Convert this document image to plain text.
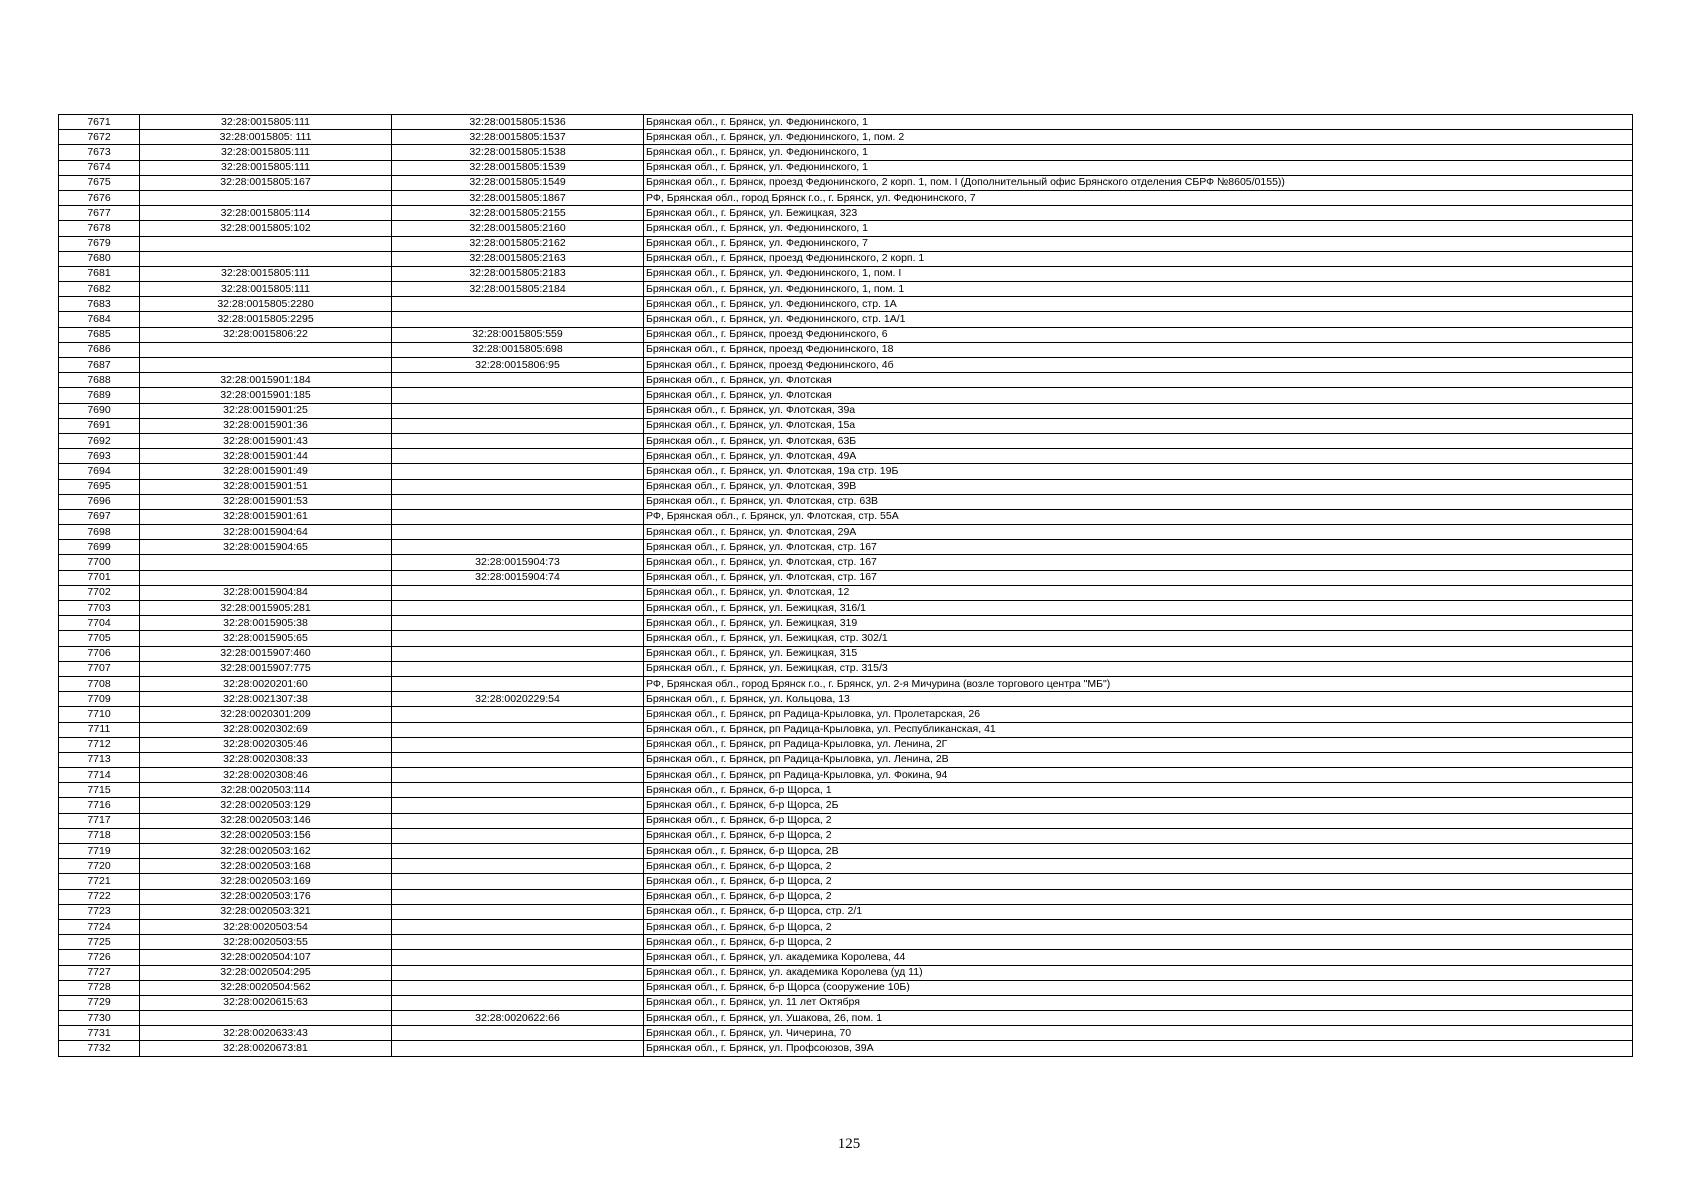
7671	32:28:0015805:111	32:28:0015805:1536	Брянская обл., г. Брянск, ул. Федюнинского, 1
7672	32:28:0015805: 111	32:28:0015805:1537	Брянская обл., г. Брянск, ул. Федюнинского, 1, пом. 2
7673	32:28:0015805:111	32:28:0015805:1538	Брянская обл., г. Брянск, ул. Федюнинского, 1
7674	32:28:0015805:111	32:28:0015805:1539	Брянская обл., г. Брянск, ул. Федюнинского, 1
7675	32:28:0015805:167	32:28:0015805:1549	Брянская обл., г. Брянск, проезд Федюнинского, 2 корп. 1, пом. I (Дополнительный офис Брянского отделения СБРФ №8605/0155))
7676		32:28:0015805:1867	РФ, Брянская обл., город Брянск г.о., г. Брянск, ул. Федюнинского, 7
7677	32:28:0015805:114	32:28:0015805:2155	Брянская обл., г. Брянск, ул. Бежицкая, 323
7678	32:28:0015805:102	32:28:0015805:2160	Брянская обл., г. Брянск, ул. Федюнинского, 1
7679		32:28:0015805:2162	Брянская обл., г. Брянск, ул. Федюнинского, 7
7680		32:28:0015805:2163	Брянская обл., г. Брянск, проезд Федюнинского, 2 корп. 1
7681	32:28:0015805:111	32:28:0015805:2183	Брянская обл., г. Брянск, ул. Федюнинского, 1, пом. I
7682	32:28:0015805:111	32:28:0015805:2184	Брянская обл., г. Брянск, ул. Федюнинского, 1, пом. 1
7683	32:28:0015805:2280		Брянская обл., г. Брянск, ул. Федюнинского, стр. 1А
7684	32:28:0015805:2295		Брянская обл., г. Брянск, ул. Федюнинского, стр. 1А/1
7685	32:28:0015806:22	32:28:0015805:559	Брянская обл., г. Брянск, проезд Федюнинского, 6
7686		32:28:0015805:698	Брянская обл., г. Брянск, проезд Федюнинского, 18
7687		32:28:0015806:95	Брянская обл., г. Брянск, проезд Федюнинского, 4б
7688	32:28:0015901:184		Брянская обл., г. Брянск, ул. Флотская
7689	32:28:0015901:185		Брянская обл., г. Брянск, ул. Флотская
7690	32:28:0015901:25		Брянская обл., г. Брянск, ул. Флотская, 39а
7691	32:28:0015901:36		Брянская обл., г. Брянск, ул. Флотская, 15а
7692	32:28:0015901:43		Брянская обл., г. Брянск, ул. Флотская, 63Б
7693	32:28:0015901:44		Брянская обл., г. Брянск, ул. Флотская, 49А
7694	32:28:0015901:49		Брянская обл., г. Брянск, ул. Флотская, 19а стр. 19Б
7695	32:28:0015901:51		Брянская обл., г. Брянск, ул. Флотская, 39В
7696	32:28:0015901:53		Брянская обл., г. Брянск, ул. Флотская, стр. 63В
7697	32:28:0015901:61		РФ, Брянская обл., г. Брянск, ул. Флотская, стр. 55А
7698	32:28:0015904:64		Брянская обл., г. Брянск, ул. Флотская, 29А
7699	32:28:0015904:65		Брянская обл., г. Брянск, ул. Флотская, стр. 167
7700		32:28:0015904:73	Брянская обл., г. Брянск, ул. Флотская, стр. 167
7701		32:28:0015904:74	Брянская обл., г. Брянск, ул. Флотская, стр. 167
7702	32:28:0015904:84		Брянская обл., г. Брянск, ул. Флотская, 12
7703	32:28:0015905:281		Брянская обл., г. Брянск, ул. Бежицкая, 316/1
7704	32:28:0015905:38		Брянская обл., г. Брянск, ул. Бежицкая, 319
7705	32:28:0015905:65		Брянская обл., г. Брянск, ул. Бежицкая, стр. 302/1
7706	32:28:0015907:460		Брянская обл., г. Брянск, ул. Бежицкая, 315
7707	32:28:0015907:775		Брянская обл., г. Брянск, ул. Бежицкая, стр. 315/3
7708	32:28:0020201:60		РФ, Брянская обл., город Брянск г.о., г. Брянск, ул. 2-я Мичурина (возле торгового центра "МБ")
7709	32:28:0021307:38	32:28:0020229:54	Брянская обл., г. Брянск, ул. Кольцова, 13
7710	32:28:0020301:209		Брянская обл., г. Брянск, рп Радица-Крыловка, ул. Пролетарская, 26
7711	32:28:0020302:69		Брянская обл., г. Брянск, рп Радица-Крыловка, ул. Республиканская, 41
7712	32:28:0020305:46		Брянская обл., г. Брянск, рп Радица-Крыловка, ул. Ленина, 2Г
7713	32:28:0020308:33		Брянская обл., г. Брянск, рп Радица-Крыловка, ул. Ленина, 2В
7714	32:28:0020308:46		Брянская обл., г. Брянск, рп Радица-Крыловка, ул. Фокина, 94
7715	32:28:0020503:114		Брянская обл., г. Брянск, б-р Щорса, 1
7716	32:28:0020503:129		Брянская обл., г. Брянск, б-р Щорса, 2Б
7717	32:28:0020503:146		Брянская обл., г. Брянск, б-р Щорса, 2
7718	32:28:0020503:156		Брянская обл., г. Брянск, б-р Щорса, 2
7719	32:28:0020503:162		Брянская обл., г. Брянск, б-р Щорса, 2В
7720	32:28:0020503:168		Брянская обл., г. Брянск, б-р Щорса, 2
7721	32:28:0020503:169		Брянская обл., г. Брянск, б-р Щорса, 2
7722	32:28:0020503:176		Брянская обл., г. Брянск, б-р Щорса, 2
7723	32:28:0020503:321		Брянская обл., г. Брянск, б-р Щорса, стр. 2/1
7724	32:28:0020503:54		Брянская обл., г. Брянск, б-р Щорса, 2
7725	32:28:0020503:55		Брянская обл., г. Брянск, б-р Щорса, 2
7726	32:28:0020504:107		Брянская обл., г. Брянск, ул. академика Королева, 44
7727	32:28:0020504:295		Брянская обл., г. Брянск, ул. академика Королева (уд 11)
7728	32:28:0020504:562		Брянская обл., г. Брянск, б-р Щорса (сооружение 10Б)
7729	32:28:0020615:63		Брянская обл., г. Брянск, ул. 11 лет Октября
7730		32:28:0020622:66	Брянская обл., г. Брянск, ул. Ушакова, 26, пом. 1
7731	32:28:0020633:43		Брянская обл., г. Брянск, ул. Чичерина, 70
7732	32:28:0020673:81		Брянская обл., г. Брянск, ул. Профсоюзов, 39А
125
